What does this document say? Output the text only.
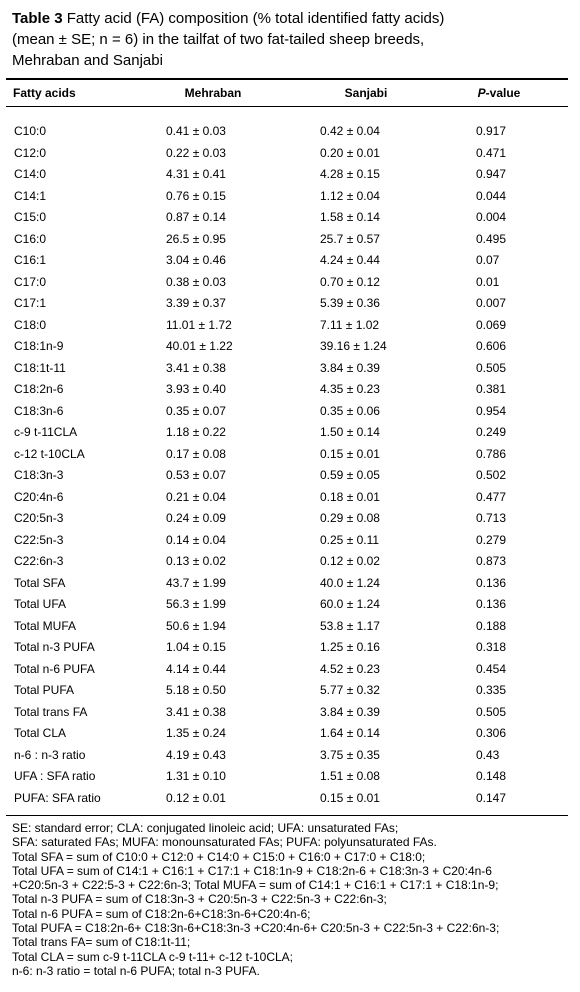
Table 3 Fatty acid (FA) composition (% total identified fatty acids)
(mean ± SE; n = 6) in the tailfat of two fat-tailed sheep breeds,
Mehraban and Sanjabi
Fatty acids	Mehraban	Sanjabi	P-value
C10:0	0.41 ± 0.03	0.42 ± 0.04	0.917
C12:0	0.22 ± 0.03	0.20 ± 0.01	0.471
C14:0	4.31 ± 0.41	4.28 ± 0.15	0.947
C14:1	0.76 ± 0.15	1.12 ± 0.04	0.044
C15:0	0.87 ± 0.14	1.58 ± 0.14	0.004
C16:0	26.5 ± 0.95	25.7 ± 0.57	0.495
C16:1	3.04 ± 0.46	4.24 ± 0.44	0.07
C17:0	0.38 ± 0.03	0.70 ± 0.12	0.01
C17:1	3.39 ± 0.37	5.39 ± 0.36	0.007
C18:0	11.01 ± 1.72	7.11 ± 1.02	0.069
C18:1n-9	40.01 ± 1.22	39.16 ± 1.24	0.606
C18:1t-11	3.41 ± 0.38	3.84 ± 0.39	0.505
C18:2n-6	3.93 ± 0.40	4.35 ± 0.23	0.381
C18:3n-6	0.35 ± 0.07	0.35 ± 0.06	0.954
c-9 t-11CLA	1.18 ± 0.22	1.50 ± 0.14	0.249
c-12 t-10CLA	0.17 ± 0.08	0.15 ± 0.01	0.786
C18:3n-3	0.53 ± 0.07	0.59 ± 0.05	0.502
C20:4n-6	0.21 ± 0.04	0.18 ± 0.01	0.477
C20:5n-3	0.24 ± 0.09	0.29 ± 0.08	0.713
C22:5n-3	0.14 ± 0.04	0.25 ± 0.11	0.279
C22:6n-3	0.13 ± 0.02	0.12 ± 0.02	0.873
Total SFA	43.7 ± 1.99	40.0 ± 1.24	0.136
Total UFA	56.3 ± 1.99	60.0 ± 1.24	0.136
Total MUFA	50.6 ± 1.94	53.8 ± 1.17	0.188
Total n-3 PUFA	1.04 ± 0.15	1.25 ± 0.16	0.318
Total n-6 PUFA	4.14 ± 0.44	4.52 ± 0.23	0.454
Total PUFA	5.18 ± 0.50	5.77 ± 0.32	0.335
Total trans FA	3.41 ± 0.38	3.84 ± 0.39	0.505
Total CLA	1.35 ± 0.24	1.64 ± 0.14	0.306
n-6 : n-3 ratio	4.19 ± 0.43	3.75 ± 0.35	0.43
UFA : SFA ratio	1.31 ± 0.10	1.51 ± 0.08	0.148
PUFA: SFA ratio	0.12 ± 0.01	0.15 ± 0.01	0.147
SE: standard error; CLA: conjugated linoleic acid; UFA: unsaturated FAs;
SFA: saturated FAs; MUFA: monounsaturated FAs; PUFA: polyunsaturated FAs.
Total SFA = sum of C10:0 + C12:0 + C14:0 + C15:0 + C16:0 + C17:0 + C18:0;
Total UFA = sum of C14:1 + C16:1 + C17:1 + C18:1n-9 + C18:2n-6 + C18:3n-3 + C20:4n-6
+C20:5n-3 + C22:5-3 + C22:6n-3; Total MUFA = sum of C14:1 + C16:1 + C17:1 + C18:1n-9;
Total n-3 PUFA = sum of C18:3n-3 + C20:5n-3 + C22:5n-3 + C22:6n-3;
Total n-6 PUFA = sum of C18:2n-6+C18:3n-6+C20:4n-6;
Total PUFA = C18:2n-6+ C18:3n-6+C18:3n-3 +C20:4n-6+ C20:5n-3 + C22:5n-3 + C22:6n-3;
Total trans FA= sum of C18:1t-11;
Total CLA = sum c-9 t-11CLA c-9 t-11+ c-12 t-10CLA;
n-6: n-3 ratio = total n-6 PUFA; total n-3 PUFA.
